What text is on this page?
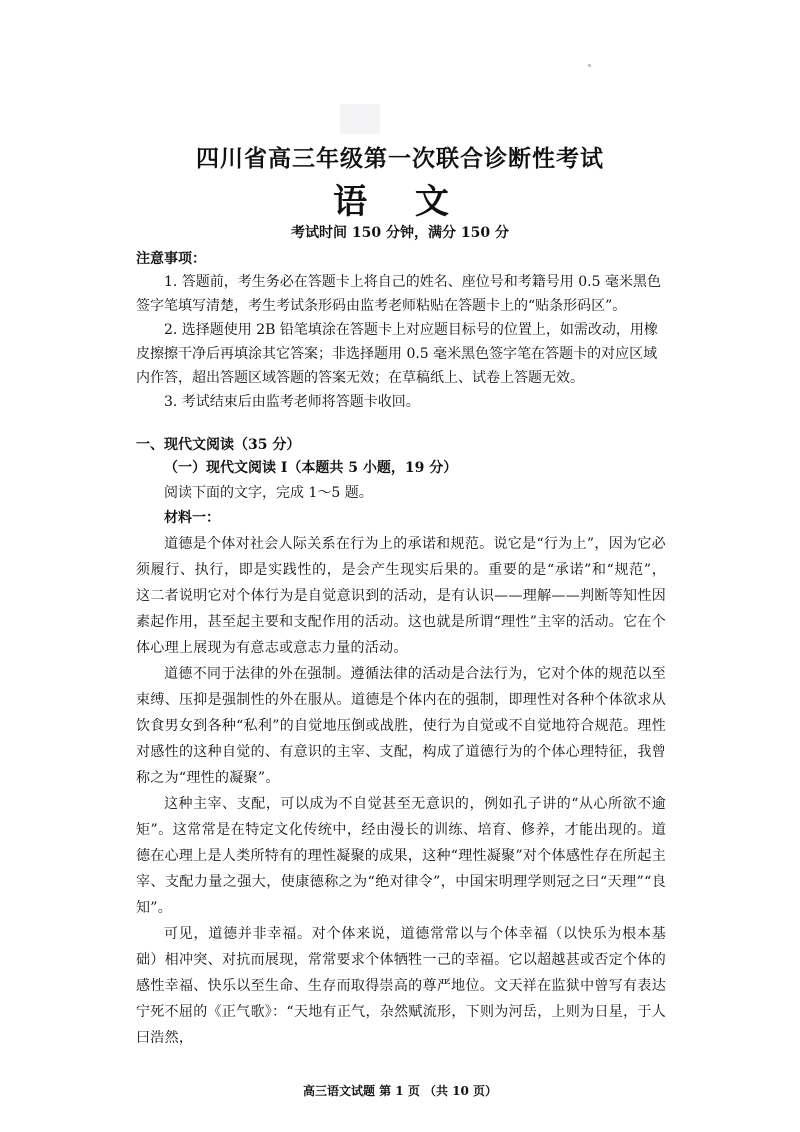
四川省高三年级第一次联合诊断性考试
语 文
考试时间 150 分钟，满分 150 分
注意事项：

1. 答题前，考生务必在答题卡上将自己的姓名、座位号和考籍号用 0.5 毫米黑色签字笔填写清楚，考生考试条形码由监考老师粘贴在答题卡上的“贴条形码区”。

2. 选择题使用 2B 铅笔填涂在答题卡上对应题目标号的位置上，如需改动，用橡皮擦擦干净后再填涂其它答案；非选择题用 0.5 毫米黑色签字笔在答题卡的对应区域内作答，超出答题区域答题的答案无效；在草稿纸上、试卷上答题无效。

3. 考试结束后由监考老师将答题卡收回。

一、现代文阅读（35 分）
（一）现代文阅读 I（本题共 5 小题，19 分）
阅读下面的文字，完成 1～5 题。
材料一：

道德是个体对社会人际关系在行为上的承诺和规范。说它是“行为上”，因为它必须履行、执行，即是实践性的，是会产生现实后果的。重要的是“承诺”和“规范”，这二者说明它对个体行为是自觉意识到的活动，是有认识——理解——判断等知性因素起作用，甚至起主要和支配作用的活动。这也就是所谓“理性”主宰的活动。它在个体心理上展现为有意志或意志力量的活动。

道德不同于法律的外在强制。遵循法律的活动是合法行为，它对个体的规范以至束缚、压抑是强制性的外在服从。道德是个体内在的强制，即理性对各种个体欲求从饮食男女到各种“私利”的自觉地压倒或战胜，使行为自觉或不自觉地符合规范。理性对感性的这种自觉的、有意识的主宰、支配，构成了道德行为的个体心理特征，我曾称之为“理性的凝聚”。

这种主宰、支配，可以成为不自觉甚至无意识的，例如孔子讲的“从心所欲不逾矩”。这常常是在特定文化传统中，经由漫长的训练、培育、修养，才能出现的。道德在心理上是人类所特有的理性凝聚的成果，这种“理性凝聚”对个体感性存在所起主宰、支配力量之强大，使康德称之为“绝对律令”，中国宋明理学则冠之曰“天理”“良知”。

可见，道德并非幸福。对个体来说，道德常常以与个体幸福（以快乐为根本基础）相冲突、对抗而展现，常常要求个体牺牲一己的幸福。它以超越甚或否定个体的感性幸福、快乐以至生命、生存而取得崇高的尊严地位。文天祥在监狱中曾写有表达宁死不屈的《正气歌》：“天地有正气，杂然赋流形，下则为河岳，上则为日星，于人曰浩然，

高三语文试题 第 1 页 （共 10 页）
